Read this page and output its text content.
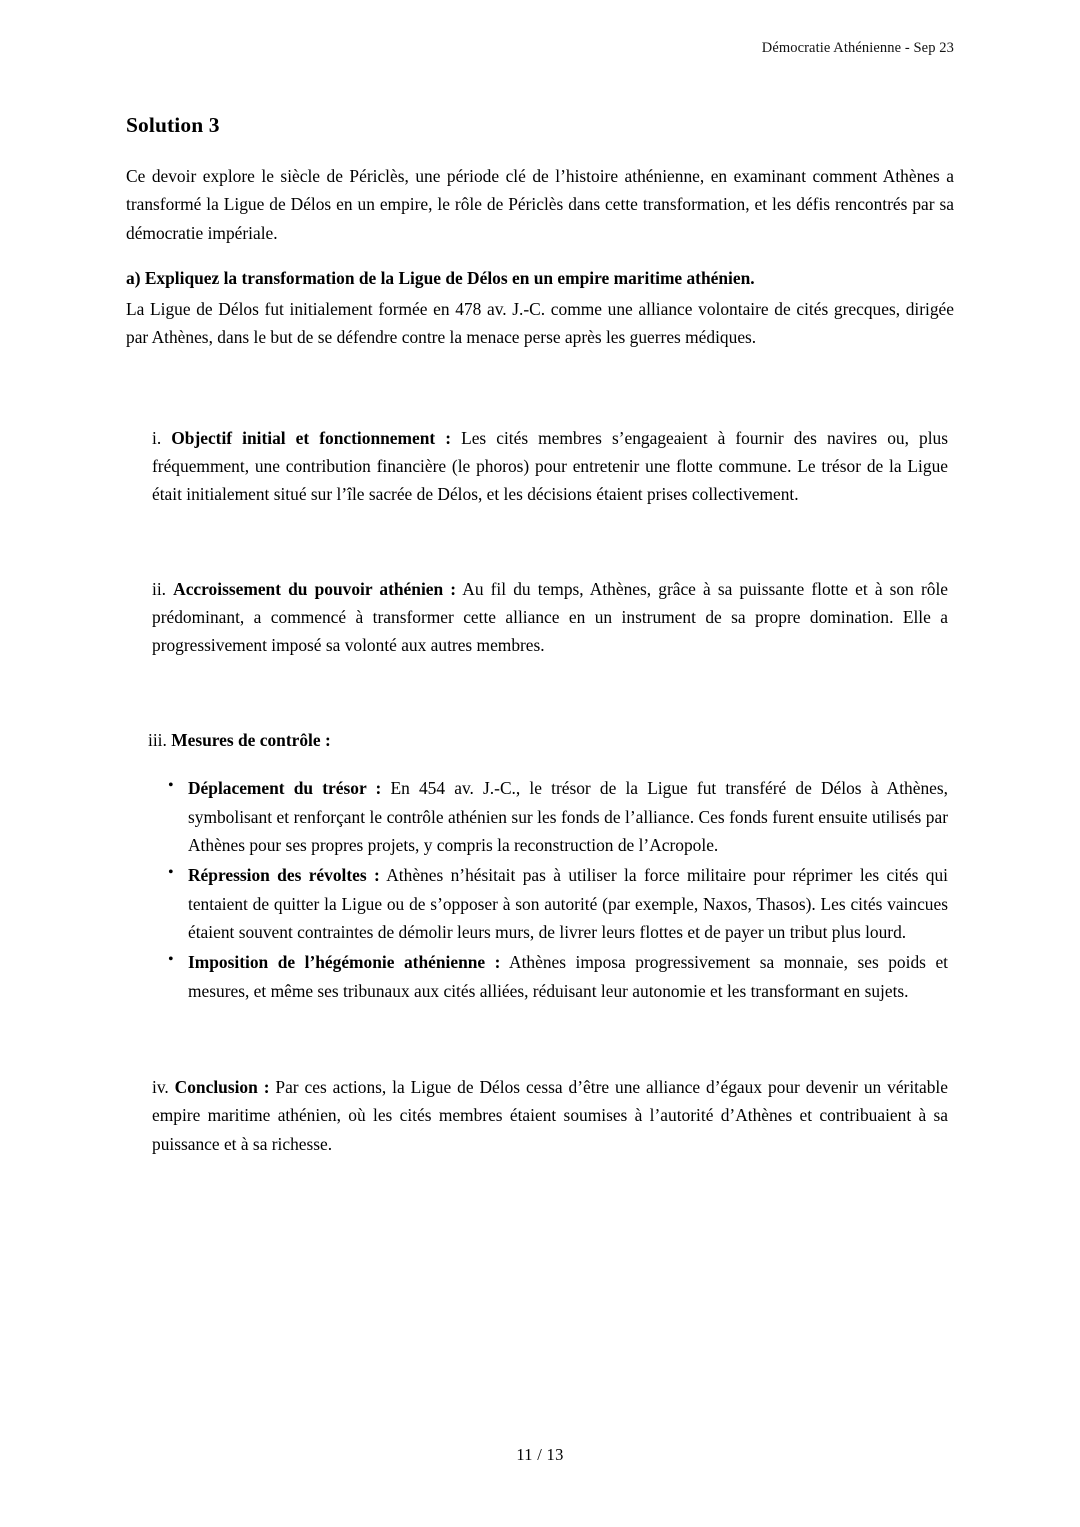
Démocratie Athénienne - Sep 23
Solution 3

Ce devoir explore le siècle de Périclès, une période clé de l’histoire athénienne, en examinant comment Athènes a transformé la Ligue de Délos en un empire, le rôle de Périclès dans cette transformation, et les défis rencontrés par sa démocratie impériale.

a) Expliquez la transformation de la Ligue de Délos en un empire maritime athénien.

La Ligue de Délos fut initialement formée en 478 av. J.-C. comme une alliance volontaire de cités grecques, dirigée par Athènes, dans le but de se défendre contre la menace perse après les guerres médiques.

i. Objectif initial et fonctionnement : Les cités membres s’engageaient à fournir des navires ou, plus fréquemment, une contribution financière (le phoros) pour entretenir une flotte commune. Le trésor de la Ligue était initialement situé sur l’île sacrée de Délos, et les décisions étaient prises collectivement.
ii. Accroissement du pouvoir athénien : Au fil du temps, Athènes, grâce à sa puissante flotte et à son rôle prédominant, a commencé à transformer cette alliance en un instrument de sa propre domination. Elle a progressivement imposé sa volonté aux autres membres.
iii. Mesures de contrôle :
• Déplacement du trésor : En 454 av. J.-C., le trésor de la Ligue fut transféré de Délos à Athènes, symbolisant et renforçant le contrôle athénien sur les fonds de l’alliance. Ces fonds furent ensuite utilisés par Athènes pour ses propres projets, y compris la reconstruction de l’Acropole.
• Répression des révoltes : Athènes n’hésitait pas à utiliser la force militaire pour réprimer les cités qui tentaient de quitter la Ligue ou de s’opposer à son autorité (par exemple, Naxos, Thasos). Les cités vaincues étaient souvent contraintes de démolir leurs murs, de livrer leurs flottes et de payer un tribut plus lourd.
• Imposition de l’hégémonie athénienne : Athènes imposa progressivement sa monnaie, ses poids et mesures, et même ses tribunaux aux cités alliées, réduisant leur autonomie et les transformant en sujets.
iv. Conclusion : Par ces actions, la Ligue de Délos cessa d’être une alliance d’égaux pour devenir un véritable empire maritime athénien, où les cités membres étaient soumises à l’autorité d’Athènes et contribuaient à sa puissance et à sa richesse.
11 / 13
